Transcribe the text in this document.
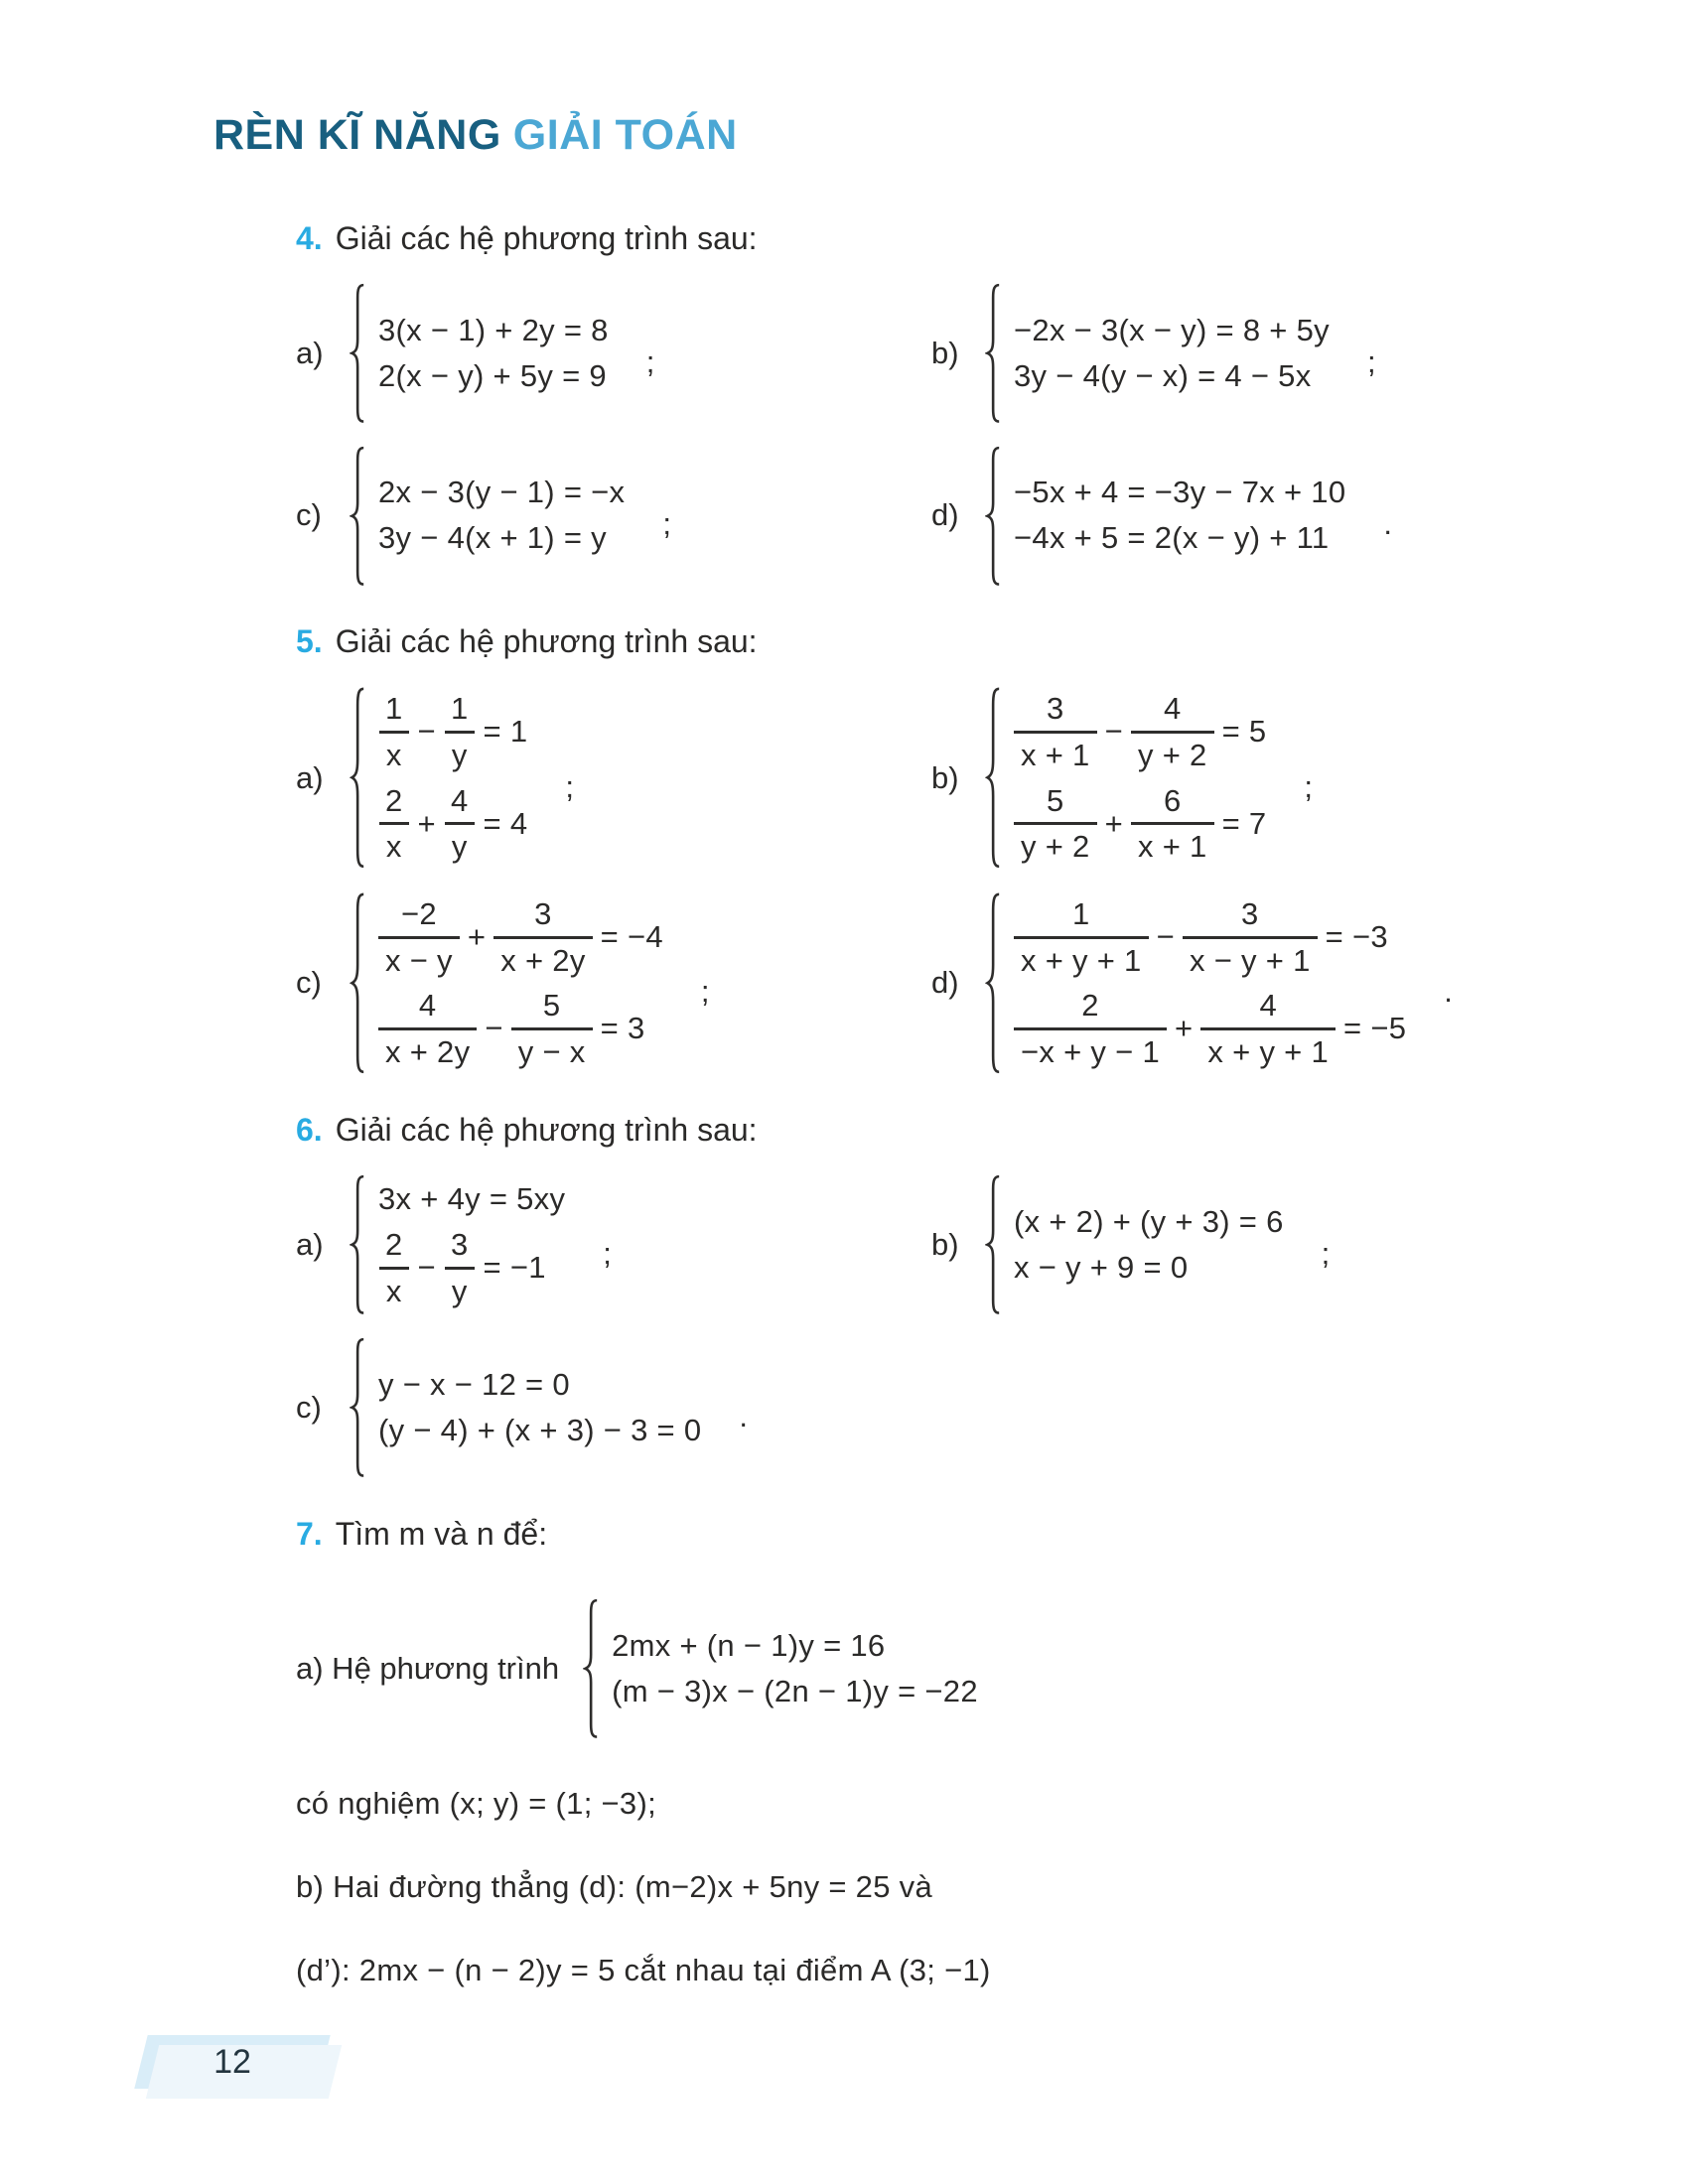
RÈN KĨ NĂNG GIẢI TOÁN
4. Giải các hệ phương trình sau:
a)
3(x − 1) + 2y = 8
2(x − y) + 5y = 9 ;	b)
−2x − 3(x − y) = 8 + 5y
3y − 4(y − x) = 4 − 5x ;
c)
2x − 3(y − 1) = −x
3y − 4(x + 1) = y ;	d)
−5x + 4 = −3y − 7x + 10
−4x + 5 = 2(x − y) + 11 .
5. Giải các hệ phương trình sau:
a)
$\frac{1}{x} - \frac{1}{y} = 1$
$\frac{2}{x} + \frac{4}{y} = 4$
;	b)
$\frac{3}{x + 1} - \frac{4}{y + 2} = 5$
$\frac{5}{y + 2} + \frac{6}{x + 1} = 7$
;
c)
$\frac{-2}{x - y} + \frac{3}{x + 2y} = -4$
$\frac{4}{x + 2y} - \frac{5}{y - x} = 3$
;	d)
$\frac{1}{x + y + 1} - \frac{3}{x - y + 1} = -3$
$\frac{2}{-x + y - 1} + \frac{4}{x + y + 1} = -5$
.
6. Giải các hệ phương trình sau:
a)
3x + 4y = 5xy
$\frac{2}{x} - \frac{3}{y} = -1$ ;	b)
(x + 2) + (y + 3) = 6
x − y + 9 = 0	;
c)
y − x − 12 = 0
(y − 4) + (x + 3) − 3 = 0 .
7. Tìm m và n để:
a) Hệ phương trình
2mx + (n − 1)y = 16
(m − 3)x − (2n − 1)y = −22
có nghiệm (x; y) = (1; −3);
b) Hai đường thẳng (d): (m−2)x + 5ny = 25 và
(d’): 2mx − (n − 2)y = 5 cắt nhau tại điểm A (3; −1)
12
